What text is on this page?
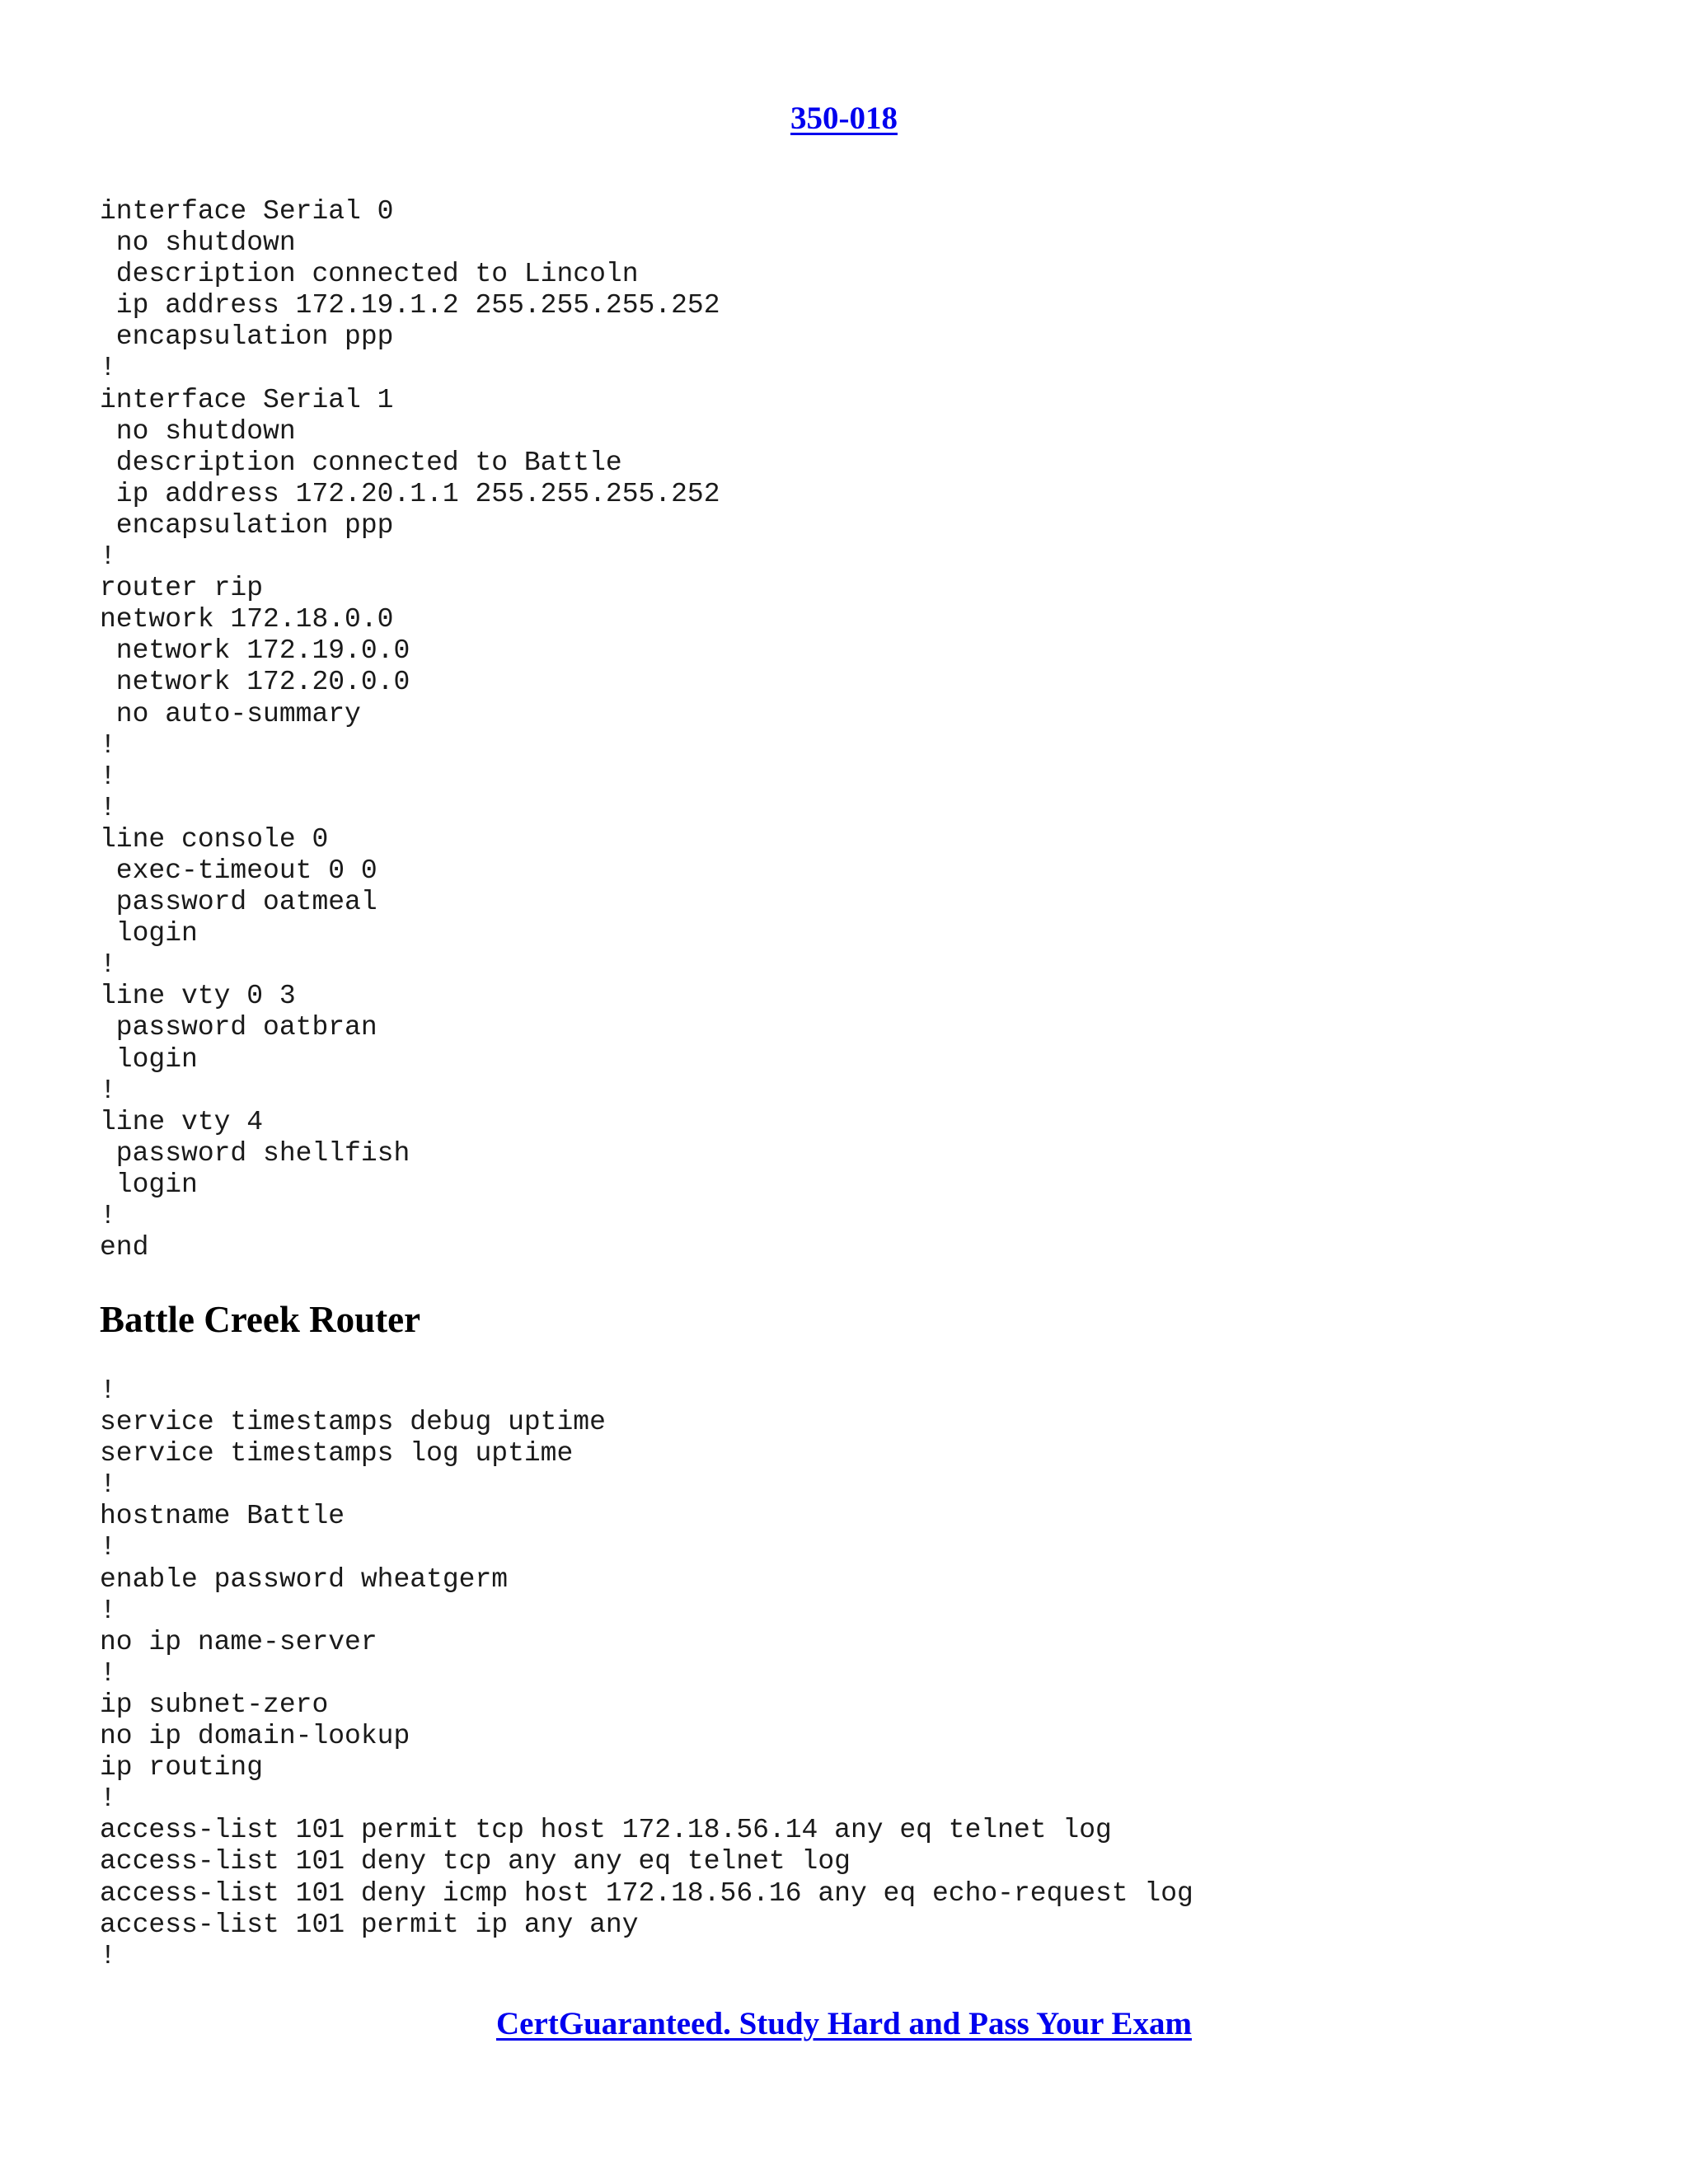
350-018
interface Serial 0
no shutdown
description connected to Lincoln
ip address 172.19.1.2 255.255.255.252
encapsulation ppp
!
interface Serial 1
no shutdown
description connected to Battle
ip address 172.20.1.1 255.255.255.252
encapsulation ppp
!
router rip
network 172.18.0.0
network 172.19.0.0
network 172.20.0.0
no auto-summary
!
!
!
line console 0
exec-timeout 0 0
password oatmeal
login
!
line vty 0 3
password oatbran
login
!
line vty 4
password shellfish
login
!
end
Battle Creek Router
!
service timestamps debug uptime
service timestamps log uptime
!
hostname Battle
!
enable password wheatgerm
!
no ip name-server
!
ip subnet-zero
no ip domain-lookup
ip routing
!
access-list 101 permit tcp host 172.18.56.14 any eq telnet log
access-list 101 deny tcp any any eq telnet log
access-list 101 deny icmp host 172.18.56.16 any eq echo-request log
access-list 101 permit ip any any
!
CertGuaranteed. Study Hard and Pass Your Exam
